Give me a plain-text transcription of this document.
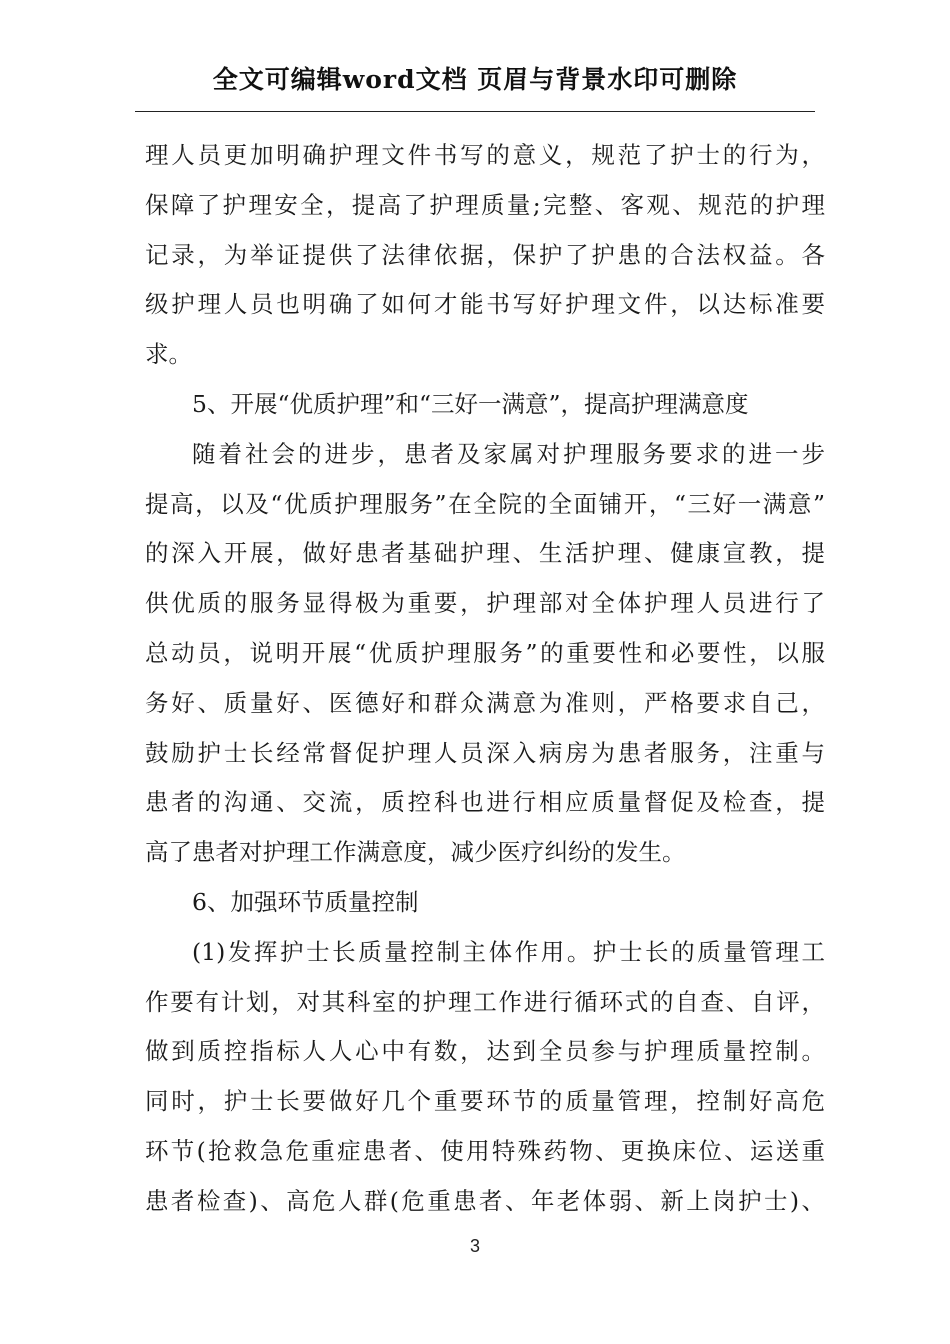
全文可编辑word文档 页眉与背景水印可删除
理人员更加明确护理文件书写的意义，规范了护士的行为，
保障了护理安全，提高了护理质量;完整、客观、规范的护理
记录，为举证提供了法律依据，保护了护患的合法权益。各
级护理人员也明确了如何才能书写好护理文件，以达标准要
求。
5、开展“优质护理”和“三好一满意”，提高护理满意度
随着社会的进步，患者及家属对护理服务要求的进一步
提高，以及“优质护理服务”在全院的全面铺开，“三好一满意”
的深入开展，做好患者基础护理、生活护理、健康宣教，提
供优质的服务显得极为重要，护理部对全体护理人员进行了
总动员，说明开展“优质护理服务”的重要性和必要性，以服
务好、质量好、医德好和群众满意为准则，严格要求自己，
鼓励护士长经常督促护理人员深入病房为患者服务，注重与
患者的沟通、交流，质控科也进行相应质量督促及检查，提
高了患者对护理工作满意度，减少医疗纠纷的发生。
6、加强环节质量控制
(1)发挥护士长质量控制主体作用。护士长的质量管理工
作要有计划，对其科室的护理工作进行循环式的自查、自评，
做到质控指标人人心中有数，达到全员参与护理质量控制。
同时，护士长要做好几个重要环节的质量管理，控制好高危
环节(抢救急危重症患者、使用特殊药物、更换床位、运送重
患者检查)、高危人群(危重患者、年老体弱、新上岗护士)、
3
